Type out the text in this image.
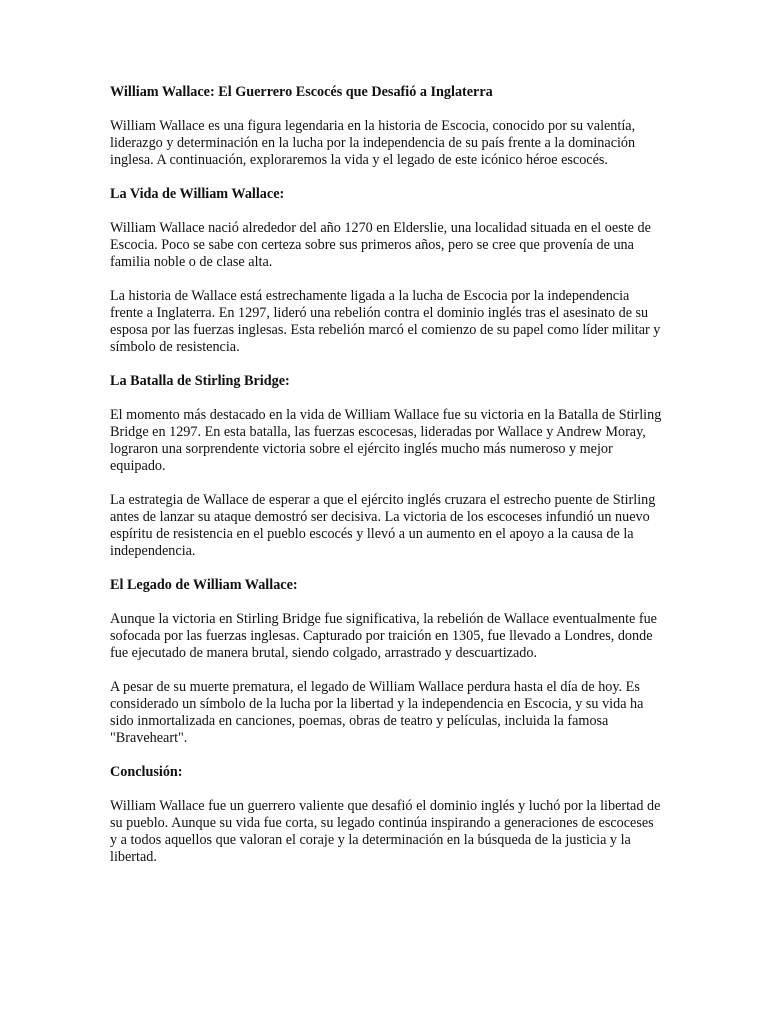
William Wallace: El Guerrero Escocés que Desafió a Inglaterra

William Wallace es una figura legendaria en la historia de Escocia, conocido por su valentía, liderazgo y determinación en la lucha por la independencia de su país frente a la dominación inglesa. A continuación, exploraremos la vida y el legado de este icónico héroe escocés.

La Vida de William Wallace:

William Wallace nació alrededor del año 1270 en Elderslie, una localidad situada en el oeste de Escocia. Poco se sabe con certeza sobre sus primeros años, pero se cree que provenía de una familia noble o de clase alta.

La historia de Wallace está estrechamente ligada a la lucha de Escocia por la independencia frente a Inglaterra. En 1297, lideró una rebelión contra el dominio inglés tras el asesinato de su esposa por las fuerzas inglesas. Esta rebelión marcó el comienzo de su papel como líder militar y símbolo de resistencia.

La Batalla de Stirling Bridge:

El momento más destacado en la vida de William Wallace fue su victoria en la Batalla de Stirling Bridge en 1297. En esta batalla, las fuerzas escocesas, lideradas por Wallace y Andrew Moray, lograron una sorprendente victoria sobre el ejército inglés mucho más numeroso y mejor equipado.

La estrategia de Wallace de esperar a que el ejército inglés cruzara el estrecho puente de Stirling antes de lanzar su ataque demostró ser decisiva. La victoria de los escoceses infundió un nuevo espíritu de resistencia en el pueblo escocés y llevó a un aumento en el apoyo a la causa de la independencia.

El Legado de William Wallace:

Aunque la victoria en Stirling Bridge fue significativa, la rebelión de Wallace eventualmente fue sofocada por las fuerzas inglesas. Capturado por traición en 1305, fue llevado a Londres, donde fue ejecutado de manera brutal, siendo colgado, arrastrado y descuartizado.

A pesar de su muerte prematura, el legado de William Wallace perdura hasta el día de hoy. Es considerado un símbolo de la lucha por la libertad y la independencia en Escocia, y su vida ha sido inmortalizada en canciones, poemas, obras de teatro y películas, incluida la famosa "Braveheart".

Conclusión:

William Wallace fue un guerrero valiente que desafió el dominio inglés y luchó por la libertad de su pueblo. Aunque su vida fue corta, su legado continúa inspirando a generaciones de escoceses y a todos aquellos que valoran el coraje y la determinación en la búsqueda de la justicia y la libertad.
